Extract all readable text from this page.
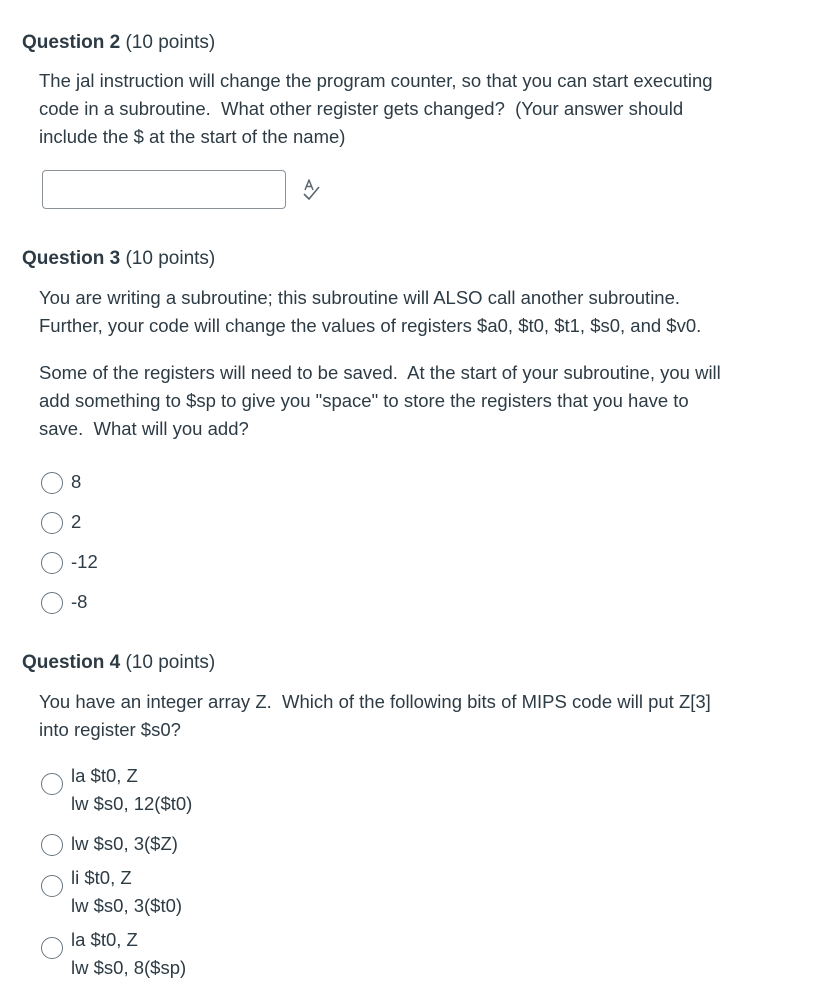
Question 2 (10 points)
The jal instruction will change the program counter, so that you can start executing
code in a subroutine.  What other register gets changed?  (Your answer should
include the $ at the start of the name)
Question 3 (10 points)
You are writing a subroutine; this subroutine will ALSO call another subroutine.
Further, your code will change the values of registers $a0, $t0, $t1, $s0, and $v0.
Some of the registers will need to be saved.  At the start of your subroutine, you will
add something to $sp to give you "space" to store the registers that you have to
save.  What will you add?
8
2
-12
-8
Question 4 (10 points)
You have an integer array Z.  Which of the following bits of MIPS code will put Z[3]
into register $s0?
la $t0, Z
lw $s0, 12($t0)
lw $s0, 3($Z)
li $t0, Z
lw $s0, 3($t0)
la $t0, Z
lw $s0, 8($sp)
